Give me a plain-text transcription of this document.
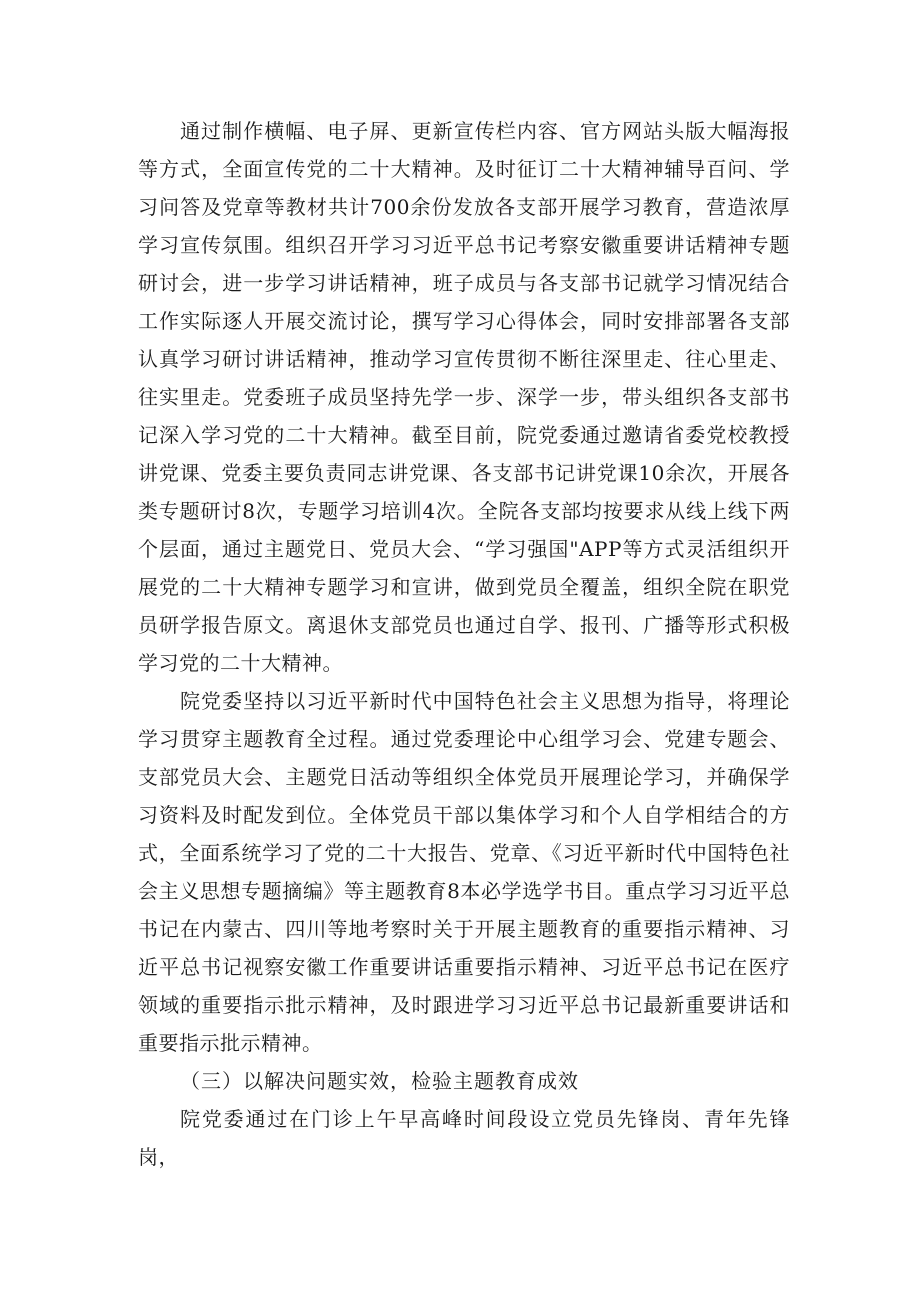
通过制作横幅、电子屏、更新宣传栏内容、官方网站头版大幅海报等方式，全面宣传党的二十大精神。及时征订二十大精神辅导百问、学习问答及党章等教材共计700余份发放各支部开展学习教育，营造浓厚学习宣传氛围。组织召开学习习近平总书记考察安徽重要讲话精神专题研讨会，进一步学习讲话精神，班子成员与各支部书记就学习情况结合工作实际逐人开展交流讨论，撰写学习心得体会，同时安排部署各支部认真学习研讨讲话精神，推动学习宣传贯彻不断往深里走、往心里走、往实里走。党委班子成员坚持先学一步、深学一步，带头组织各支部书记深入学习党的二十大精神。截至目前，院党委通过邀请省委党校教授讲党课、党委主要负责同志讲党课、各支部书记讲党课10余次，开展各类专题研讨8次，专题学习培训4次。全院各支部均按要求从线上线下两个层面，通过主题党日、党员大会、“学习强国"APP等方式灵活组织开展党的二十大精神专题学习和宣讲，做到党员全覆盖，组织全院在职党员研学报告原文。离退休支部党员也通过自学、报刊、广播等形式积极学习党的二十大精神。

院党委坚持以习近平新时代中国特色社会主义思想为指导，将理论学习贯穿主题教育全过程。通过党委理论中心组学习会、党建专题会、支部党员大会、主题党日活动等组织全体党员开展理论学习，并确保学习资料及时配发到位。全体党员干部以集体学习和个人自学相结合的方式，全面系统学习了党的二十大报告、党章、《习近平新时代中国特色社会主义思想专题摘编》等主题教育8本必学选学书目。重点学习习近平总书记在内蒙古、四川等地考察时关于开展主题教育的重要指示精神、习近平总书记视察安徽工作重要讲话重要指示精神、习近平总书记在医疗领域的重要指示批示精神，及时跟进学习习近平总书记最新重要讲话和重要指示批示精神。

（三）以解决问题实效，检验主题教育成效

院党委通过在门诊上午早高峰时间段设立党员先锋岗、青年先锋岗，
